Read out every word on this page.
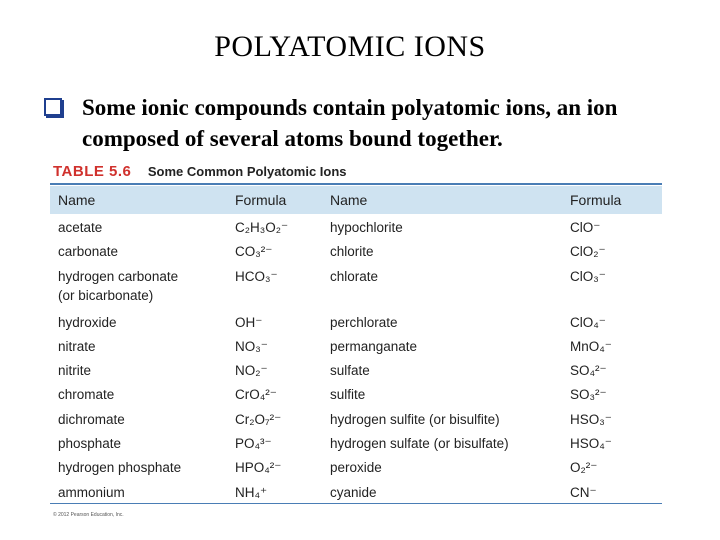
POLYATOMIC IONS
Some ionic compounds contain polyatomic ions, an ion composed of several atoms bound together.
TABLE 5.6 Some Common Polyatomic Ions
Name	Formula	Name	Formula
acetate	C₂H₃O₂⁻	hypochlorite	ClO⁻
carbonate	CO₃²⁻	chlorite	ClO₂⁻
hydrogen carbonate
(or bicarbonate)
HCO₃⁻	chlorate	ClO₃⁻
hydroxide	OH⁻	perchlorate	ClO₄⁻
nitrate	NO₃⁻	permanganate	MnO₄⁻
nitrite	NO₂⁻	sulfate	SO₄²⁻
chromate	CrO₄²⁻	sulfite	SO₃²⁻
dichromate	Cr₂O₇²⁻	hydrogen sulfite (or bisulfite)	HSO₃⁻
phosphate	PO₄³⁻	hydrogen sulfate (or bisulfate)	HSO₄⁻
hydrogen phosphate	HPO₄²⁻	peroxide	O₂²⁻
ammonium	NH₄⁺	cyanide	CN⁻
© 2012 Pearson Education, Inc.
